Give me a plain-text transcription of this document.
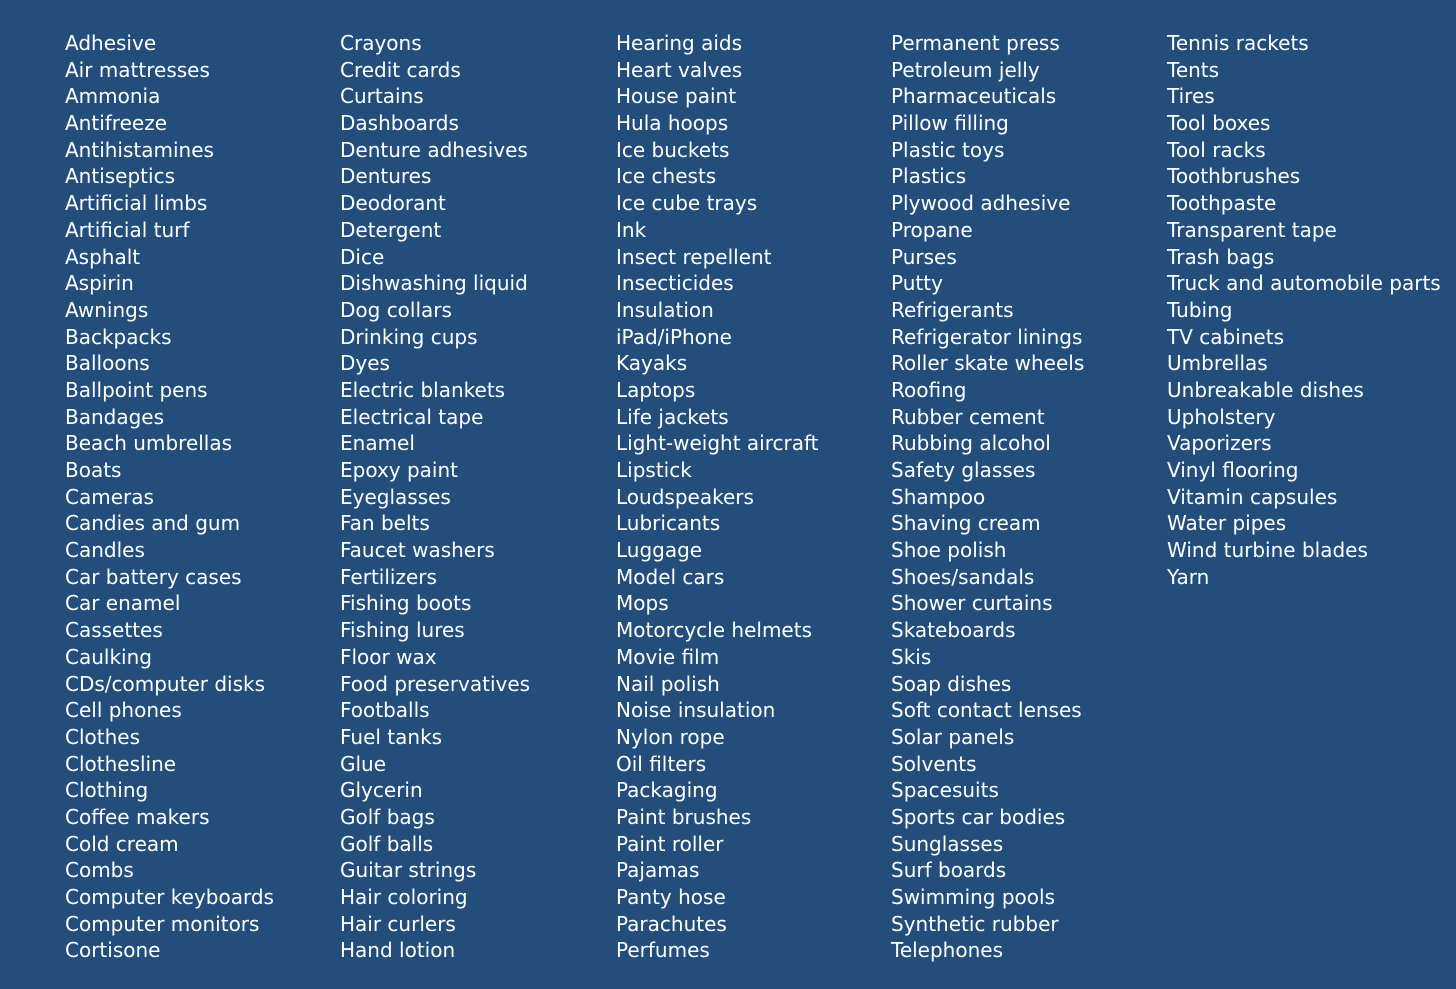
Adhesive
Air mattresses
Ammonia
Antifreeze
Antihistamines
Antiseptics
Artificial limbs
Artificial turf
Asphalt
Aspirin
Awnings
Backpacks
Balloons
Ballpoint pens
Bandages
Beach umbrellas
Boats
Cameras
Candies and gum
Candles
Car battery cases
Car enamel
Cassettes
Caulking
CDs/computer disks
Cell phones
Clothes
Clothesline
Clothing
Coffee makers
Cold cream
Combs
Computer keyboards
Computer monitors
Cortisone
Crayons
Credit cards
Curtains
Dashboards
Denture adhesives
Dentures
Deodorant
Detergent
Dice
Dishwashing liquid
Dog collars
Drinking cups
Dyes
Electric blankets
Electrical tape
Enamel
Epoxy paint
Eyeglasses
Fan belts
Faucet washers
Fertilizers
Fishing boots
Fishing lures
Floor wax
Food preservatives
Footballs
Fuel tanks
Glue
Glycerin
Golf bags
Golf balls
Guitar strings
Hair coloring
Hair curlers
Hand lotion
Hearing aids
Heart valves
House paint
Hula hoops
Ice buckets
Ice chests
Ice cube trays
Ink
Insect repellent
Insecticides
Insulation
iPad/iPhone
Kayaks
Laptops
Life jackets
Light-weight aircraft
Lipstick
Loudspeakers
Lubricants
Luggage
Model cars
Mops
Motorcycle helmets
Movie film
Nail polish
Noise insulation
Nylon rope
Oil filters
Packaging
Paint brushes
Paint roller
Pajamas
Panty hose
Parachutes
Perfumes
Permanent press
Petroleum jelly
Pharmaceuticals
Pillow filling
Plastic toys
Plastics
Plywood adhesive
Propane
Purses
Putty
Refrigerants
Refrigerator linings
Roller skate wheels
Roofing
Rubber cement
Rubbing alcohol
Safety glasses
Shampoo
Shaving cream
Shoe polish
Shoes/sandals
Shower curtains
Skateboards
Skis
Soap dishes
Soft contact lenses
Solar panels
Solvents
Spacesuits
Sports car bodies
Sunglasses
Surf boards
Swimming pools
Synthetic rubber
Telephones
Tennis rackets
Tents
Tires
Tool boxes
Tool racks
Toothbrushes
Toothpaste
Transparent tape
Trash bags
Truck and automobile parts
Tubing
TV cabinets
Umbrellas
Unbreakable dishes
Upholstery
Vaporizers
Vinyl flooring
Vitamin capsules
Water pipes
Wind turbine blades
Yarn
